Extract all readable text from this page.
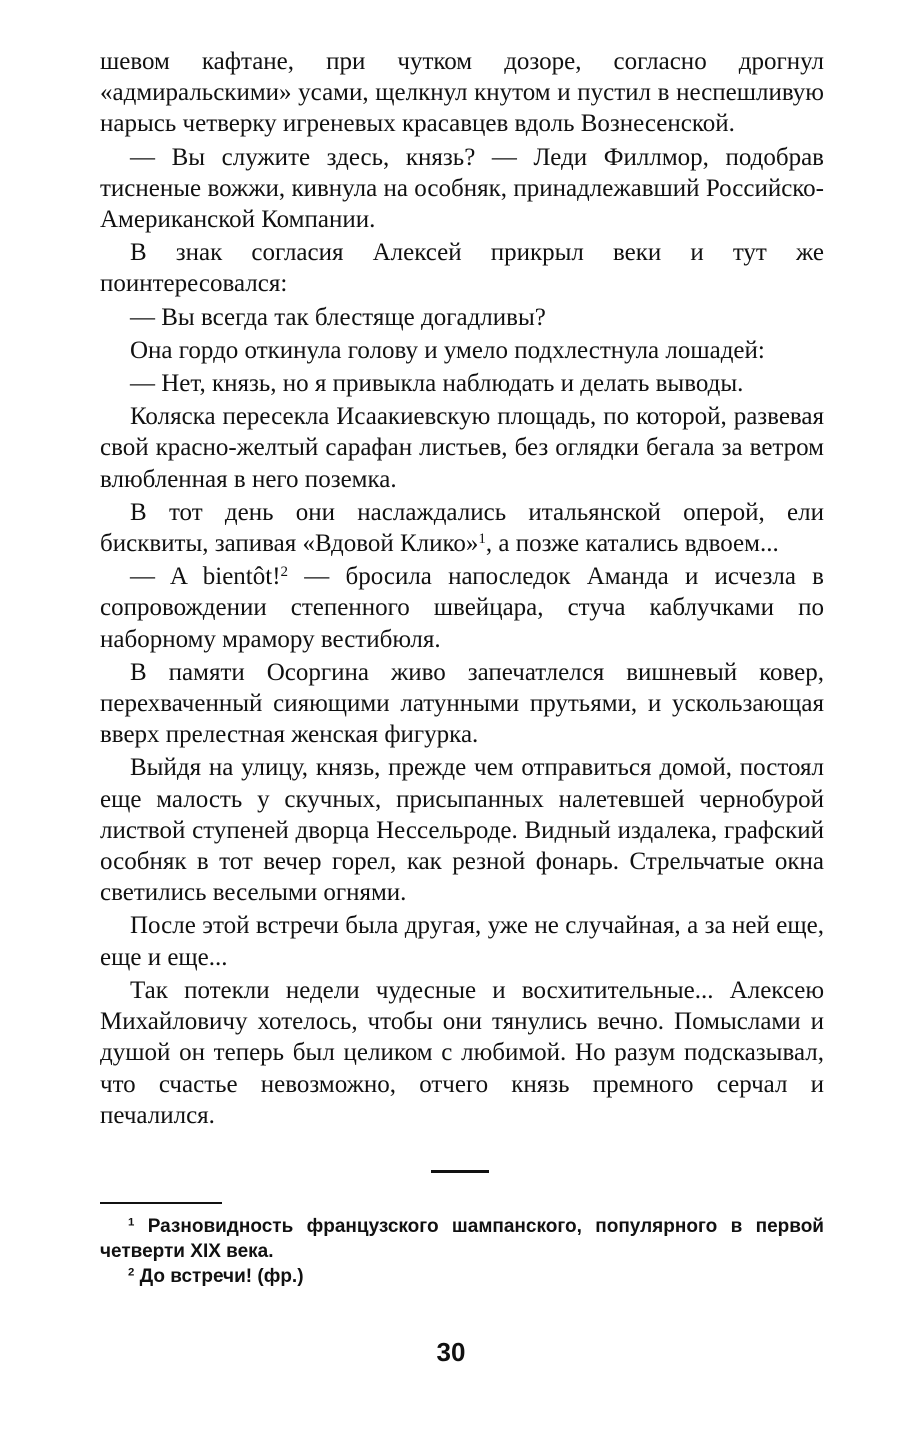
шевом кафтане, при чутком дозоре, согласно дрогнул «адмиральскими» усами, щелкнул кнутом и пустил в неспешливую нарысь четверку игреневых красавцев вдоль Вознесенской.

— Вы служите здесь, князь? — Леди Филлмор, подобрав тисненые вожжи, кивнула на особняк, принадлежавший Российско-Американской Компании.

В знак согласия Алексей прикрыл веки и тут же поинтересовался:

— Вы всегда так блестяще догадливы?

Она гордо откинула голову и умело подхлестнула лошадей:

— Нет, князь, но я привыкла наблюдать и делать выводы.

Коляска пересекла Исаакиевскую площадь, по которой, развевая свой красно-желтый сарафан листьев, без оглядки бегала за ветром влюбленная в него поземка.

В тот день они наслаждались итальянской оперой, ели бисквиты, запивая «Вдовой Клико»$^1$, а позже катались вдвоем...

— A bientôt!$^2$ — бросила напоследок Аманда и исчезла в сопровождении степенного швейцара, стуча каблучками по наборному мрамору вестибюля.

В памяти Осоргина живо запечатлелся вишневый ковер, перехваченный сияющими латунными прутьями, и ускользающая вверх прелестная женская фигурка.

Выйдя на улицу, князь, прежде чем отправиться домой, постоял еще малость у скучных, присыпанных налетевшей чернобурой листвой ступеней дворца Нессельроде. Видный издалека, графский особняк в тот вечер горел, как резной фонарь. Стрельчатые окна светились веселыми огнями.

После этой встречи была другая, уже не случайная, а за ней еще, еще и еще...

Так потекли недели чудесные и восхитительные... Алексею Михайловичу хотелось, чтобы они тянулись вечно. Помыслами и душой он теперь был целиком с любимой. Но разум подсказывал, что счастье невозможно, отчего князь премного серчал и печалился.

$^1$ Разновидность французского шампанского, популярного в первой четверти XIX века.

$^2$ До встречи! (фр.)

30
